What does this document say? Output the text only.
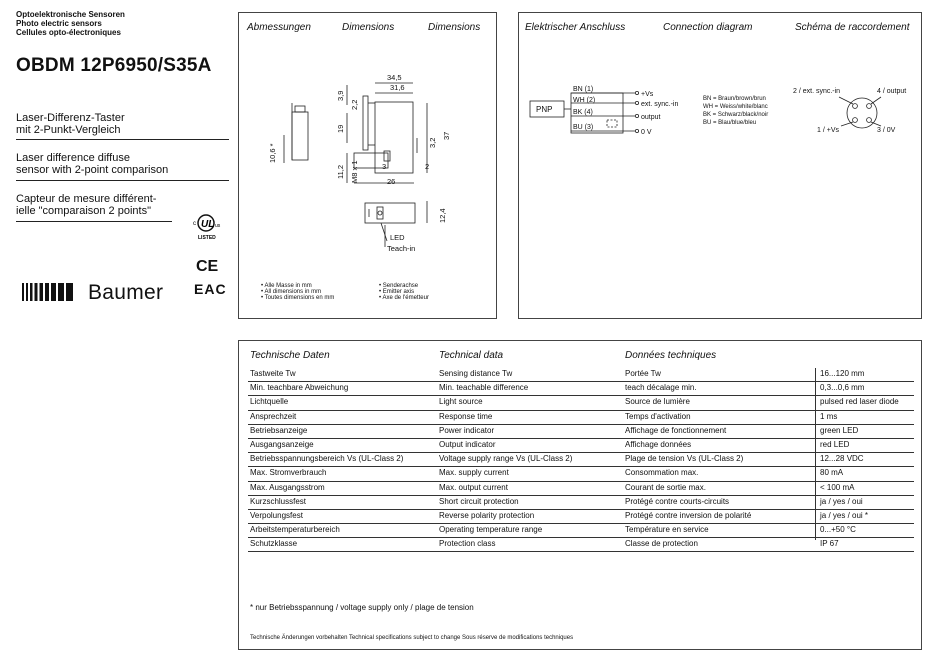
Optoelektronische Sensoren
Photo electric sensors
Cellules opto-électroniques
OBDM 12P6950/S35A
Laser-Differenz-Taster
mit 2-Punkt-Vergleich
Laser difference diffuse
sensor with 2-point comparison
Capteur de mesure différent-
ielle "comparaison 2 points"
UL
c	us
LISTED
CE
EAC
Baumer
Abmessungen	Dimensions	Dimensions
34,5
31,6
3,9
2,2
19
3,2
37
10,6 *
11,2 M8 x 1	3	2
26
12,4
LED
Teach-in
• Alle Masse in mm
• All dimensions in mm
• Toutes dimensions en mm
• Senderachse
• Emitter axis
• Axe de l'émetteur
Elektrischer Anschluss	Connection diagram	Schéma de raccordement
PNP
BN (1)
WH (2)
BK (4)
BU (3)
+Vs
ext. sync.-in
output
0 V
BN = Braun/brown/brun
WH = Weiss/white/blanc
BK = Schwarz/black/noir
BU = Blau/blue/bleu
2 / ext. sync.-in	4 / output
1 / +Vs	3 / 0V
Technische Daten	Technical data	Données techniques
Tastweite Tw	Sensing distance Tw	Portée Tw	16...120 mm
Min. teachbare Abweichung	Min. teachable difference	teach décalage min.	0,3...0,6 mm
Lichtquelle	Light source	Source de lumière	pulsed red laser diode
Ansprechzeit	Response time	Temps d'activation	1 ms
Betriebsanzeige	Power indicator	Affichage de fonctionnement	green LED
Ausgangsanzeige	Output indicator	Affichage données	red LED
Betriebsspannungsbereich Vs (UL-Class 2)	Voltage supply range Vs (UL-Class 2)	Plage de tension Vs (UL-Class 2)	12...28 VDC
Max. Stromverbrauch	Max. supply current	Consommation max.	80 mA
Max. Ausgangsstrom	Max. output current	Courant de sortie max.	< 100 mA
Kurzschlussfest	Short circuit protection	Protégé contre courts-circuits	ja / yes / oui
Verpolungsfest	Reverse polarity protection	Protégé contre inversion de polarité	ja / yes / oui *
Arbeitstemperaturbereich	Operating temperature range	Température en service	0...+50 °C
Schutzklasse	Protection class	Classe de protection	IP 67
* nur Betriebsspannung / voltage supply only / plage de tension
Technische Änderungen vorbehalten Technical specifications subject to change Sous réserve de modifications techniques
